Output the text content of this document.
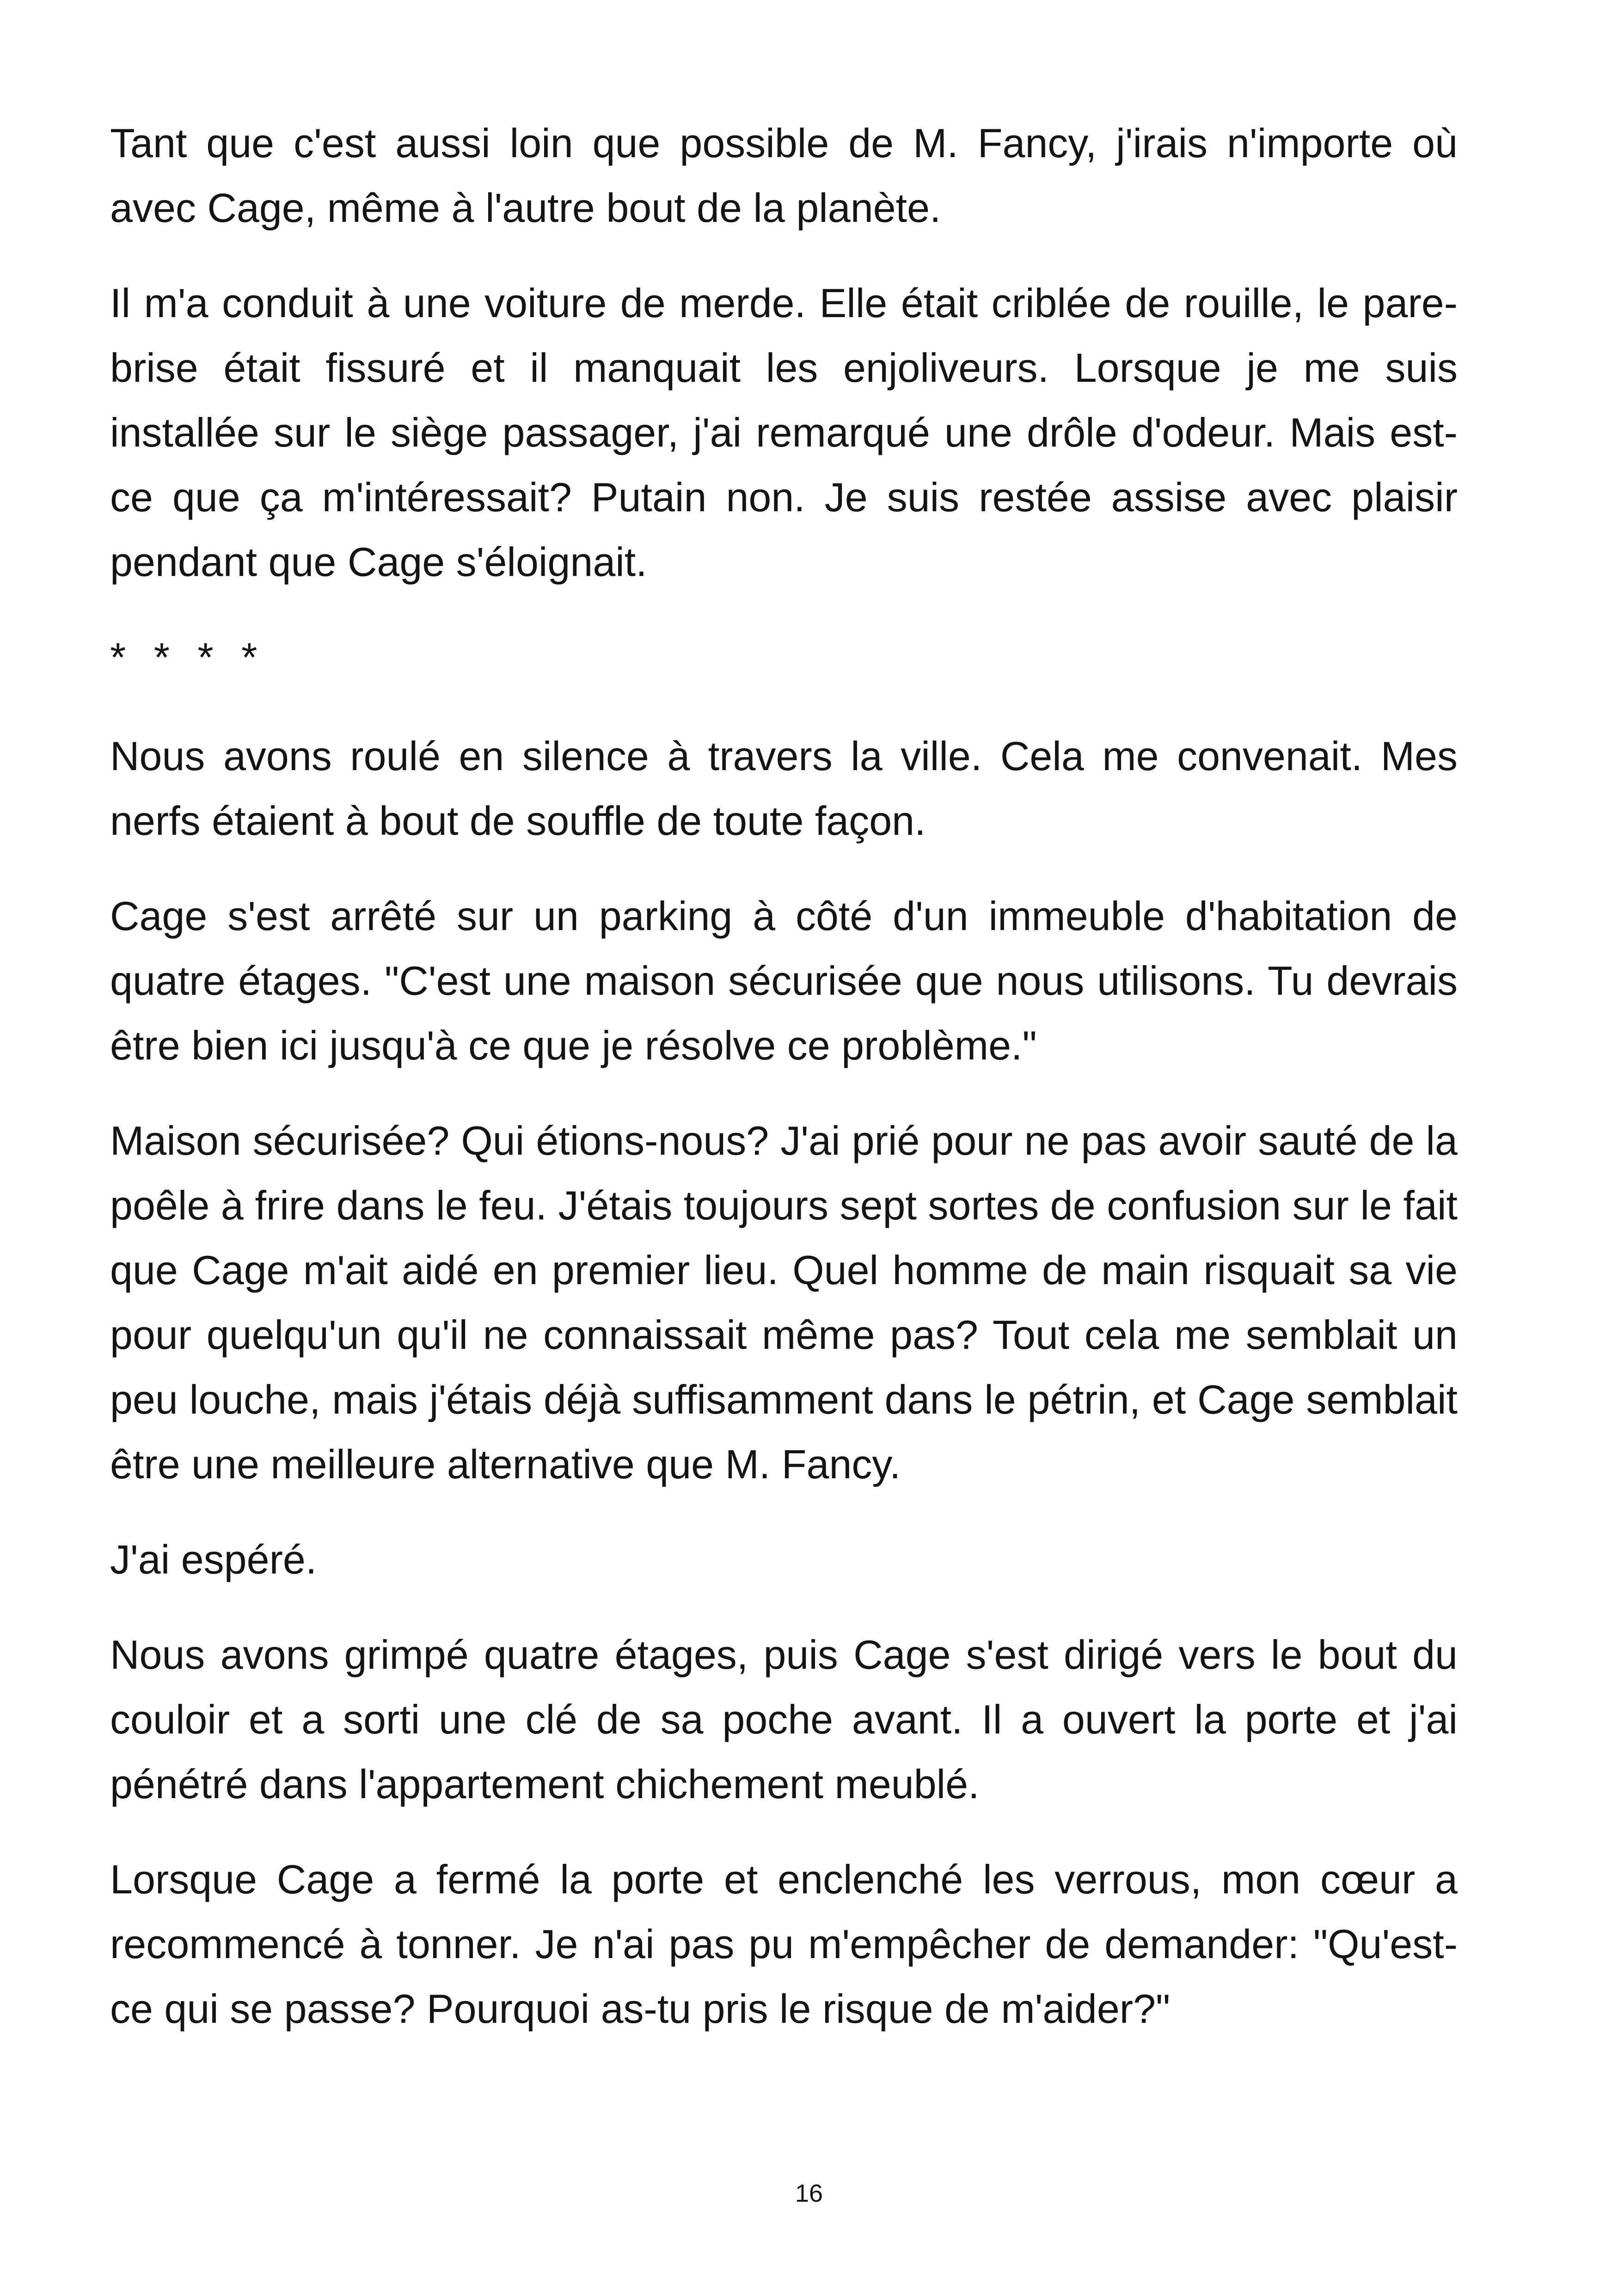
Tant que c'est aussi loin que possible de M. Fancy, j'irais n'importe où avec Cage, même à l'autre bout de la planète.

Il m'a conduit à une voiture de merde. Elle était criblée de rouille, le pare-brise était fissuré et il manquait les enjoliveurs. Lorsque je me suis installée sur le siège passager, j'ai remarqué une drôle d'odeur. Mais est-ce que ça m'intéressait? Putain non. Je suis restée assise avec plaisir pendant que Cage s'éloignait.

* * * *

Nous avons roulé en silence à travers la ville. Cela me convenait. Mes nerfs étaient à bout de souffle de toute façon.

Cage s'est arrêté sur un parking à côté d'un immeuble d'habitation de quatre étages. "C'est une maison sécurisée que nous utilisons. Tu devrais être bien ici jusqu'à ce que je résolve ce problème."

Maison sécurisée? Qui étions-nous? J'ai prié pour ne pas avoir sauté de la poêle à frire dans le feu. J'étais toujours sept sortes de confusion sur le fait que Cage m'ait aidé en premier lieu. Quel homme de main risquait sa vie pour quelqu'un qu'il ne connaissait même pas? Tout cela me semblait un peu louche, mais j'étais déjà suffisamment dans le pétrin, et Cage semblait être une meilleure alternative que M. Fancy.

J'ai espéré.

Nous avons grimpé quatre étages, puis Cage s'est dirigé vers le bout du couloir et a sorti une clé de sa poche avant. Il a ouvert la porte et j'ai pénétré dans l'appartement chichement meublé.

Lorsque Cage a fermé la porte et enclenché les verrous, mon cœur a recommencé à tonner. Je n'ai pas pu m'empêcher de demander: "Qu'est-ce qui se passe? Pourquoi as-tu pris le risque de m'aider?"

16
